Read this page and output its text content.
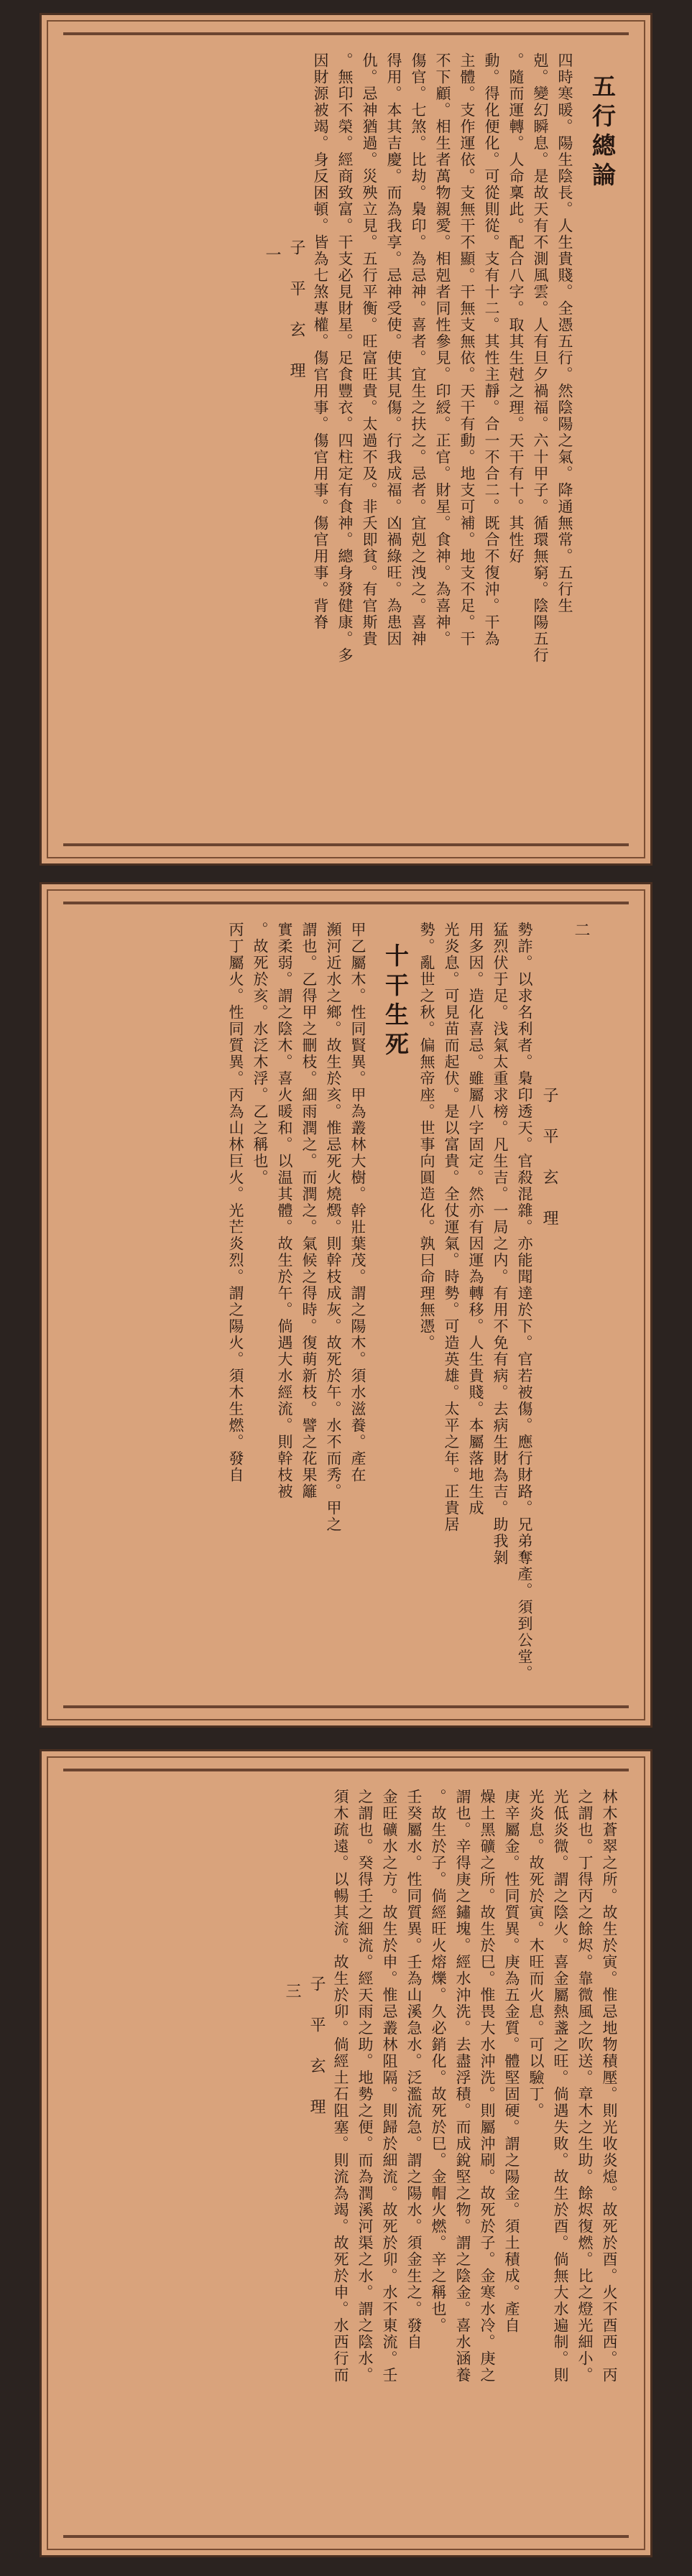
五行總論
四時寒暖。陽生陰長。人生貴賤。全憑五行。然陰陽之氣。降通無常。五行生
剋。變幻瞬息。是故天有不測風雲。人有旦夕禍福。六十甲子。循環無窮。陰陽五行
。隨而運轉。人命稟此。配合八字。取其生尅之理。天干有十。其性好
動。得化便化。可從則從。支有十二。其性主靜。合一不合二。既合不復沖。干為
主體。支作運依。支無干不顯。干無支無依。天干有動。地支可補。地支不足。干
不下顧。相生者萬物親愛。相剋者同性參見。印綬。正官。財星。食神。為喜神。
傷官。七煞。比劫。梟印。為忌神。喜者。宜生之扶之。忌者。宜剋之洩之。喜神
得用。本其吉慶。而為我享。忌神受使。使其見傷。行我成福。凶禍綠旺。為患因
仇。忌神猶過。災殃立見。五行平衡。旺富旺貴。太過不及。非夭即貧。有官斯貴
。無印不榮。經商致富。干支必見財星。足食豐衣。四柱定有食神。總身發健康。多
因財源被竭。身反困頓。皆為七煞專權。傷官用事。傷官用事。傷官用事。背脊
子 平 玄 理
一
二
子 平 玄 理
勢詐。以求名利者。梟印透天。官殺混雜。亦能聞達於下。官若被傷。應行財路。兄弟奪產。須到公堂。
猛烈伏于足。浅氣太重求榜。凡生吉。一局之内。有用不免有病。去病生財為吉。助我剝
用多因。造化喜忌。雖屬八字固定。然亦有因運為轉移。人生貴賤。本屬落地生成
光炎息。可見苗而起伏。是以富貴。全仗運氣。時勢。可造英雄。太平之年。正貴居
勢。亂世之秋。偏無帝座。世事向圓造化。孰曰命理無憑。
十干生死
甲乙屬木。性同賢異。甲為叢林大樹。幹壯葉茂。謂之陽木。須水滋養。產在
瀕河近水之鄉。故生於亥。惟忌死火燒燬。則幹枝成灰。故死於午。水不而秀。甲之
謂也。乙得甲之刪枝。細雨潤之。而潤之。氣候之得時。復萌新枝。譬之花果籬
實柔弱。謂之陰木。喜火暖和。以温其體。故生於午。倘遇大水經流。則幹枝被
。故死於亥。水泛木浮。乙之稱也。
丙丁屬火。性同質異。丙為山林巨火。光芒炎烈。謂之陽火。須木生燃。發自
林木蒼翠之所。故生於寅。惟忌地物積壓。則光收炎熄。故死於酉。火不酉西。丙
之謂也。丁得丙之餘烬。靠微風之吹送。章木之生助。餘烬復燃。比之燈光細小。
光低炎微。謂之陰火。喜金屬熱盞之旺。倘遇失敗。故生於酉。倘無大水遍制。則
光炎息。故死於寅。木旺而火息。可以驗丁。
庚辛屬金。性同質異。庚為五金質。體堅固硬。謂之陽金。須土積成。產自
燥土黑礦之所。故生於巳。惟畏大水沖洗。則屬沖刷。故死於子。金寒水冷。庚之
謂也。辛得庚之鏽塊。經水沖洗。去盡浮積。而成銳堅之物。謂之陰金。喜水涵養
。故生於子。倘經旺火熔爍。久必銷化。故死於巳。金帽火燃。辛之稱也。
壬癸屬水。性同質異。壬為山溪急水。泛濫流急。謂之陽水。須金生之。發自
金旺礦水之方。故生於申。惟忌叢林阻隔。則歸於細流。故死於卯。水不東流。壬
之謂也。癸得壬之細流。經天雨之助。地勢之便。而為潤溪河渠之水。謂之陰水。
須木疏遠。以暢其流。故生於卯。倘經土石阻塞。則流為竭。故死於申。水西行而
子 平 玄 理
三
